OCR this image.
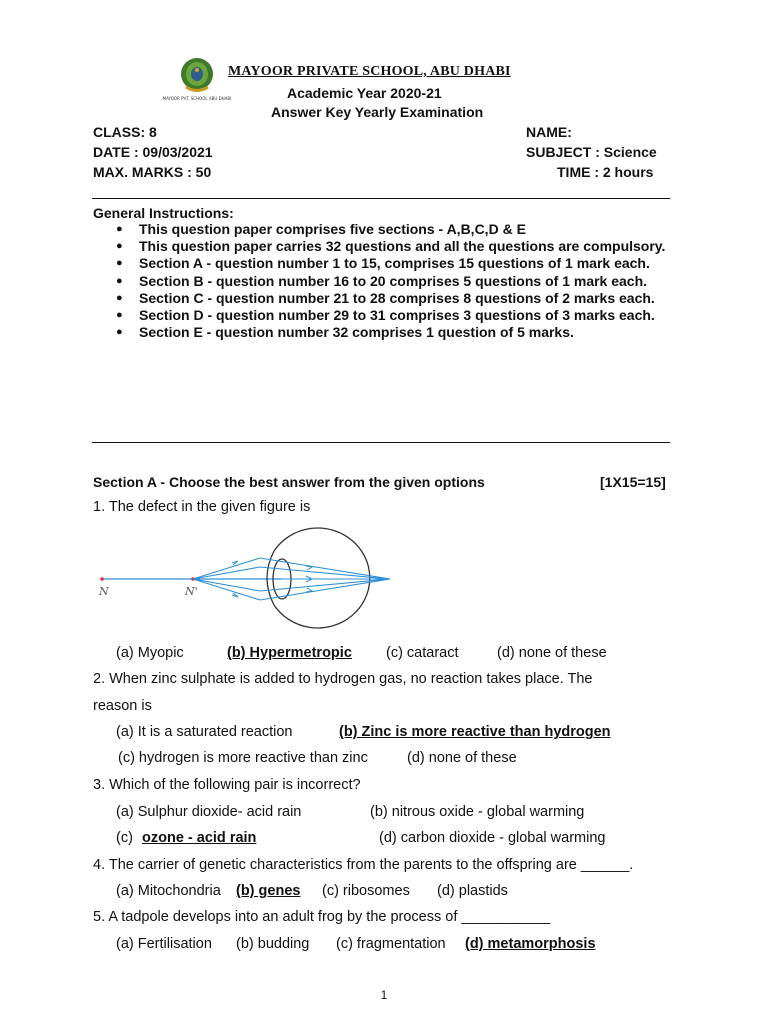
MAYOOR PVT. SCHOOL ABU DHABI
MAYOOR PRIVATE SCHOOL, ABU DHABI
Academic Year 2020-21
Answer Key Yearly Examination
CLASS: 8	NAME:
DATE : 09/03/2021	SUBJECT : Science
MAX. MARKS : 50	TIME : 2 hours
General Instructions:
● This question paper comprises five sections - A,B,C,D & E
● This question paper carries 32 questions and all the questions are compulsory.
● Section A - question number 1 to 15, comprises 15 questions of 1 mark each.
● Section B - question number 16 to 20 comprises 5 questions of 1 mark each.
● Section C - question number 21 to 28 comprises 8 questions of 2 marks each.
● Section D - question number 29 to 31 comprises 3 questions of 3 marks each.
● Section E - question number 32 comprises 1 question of 5 marks.
Section A - Choose the best answer from the given options	[1X15=15]
1. The defect in the given figure is
N	N'
(a) Myopic	(b) Hypermetropic (c) cataract	(d) none of these
2. When zinc sulphate is added to hydrogen gas, no reaction takes place. The
reason is
(a) It is a saturated reaction	(b) Zinc is more reactive than hydrogen
(c) hydrogen is more reactive than zinc	(d) none of these
3. Which of the following pair is incorrect?
(a) Sulphur dioxide- acid rain	(b) nitrous oxide - global warming
(c) ozone - acid rain	(d) carbon dioxide - global warming
4. The carrier of genetic characteristics from the parents to the offspring are ______.
(a) Mitochondria (b) genes (c) ribosomes (d) plastids
5. A tadpole develops into an adult frog by the process of ___________
(a) Fertilisation (b) budding (c) fragmentation (d) metamorphosis
1
